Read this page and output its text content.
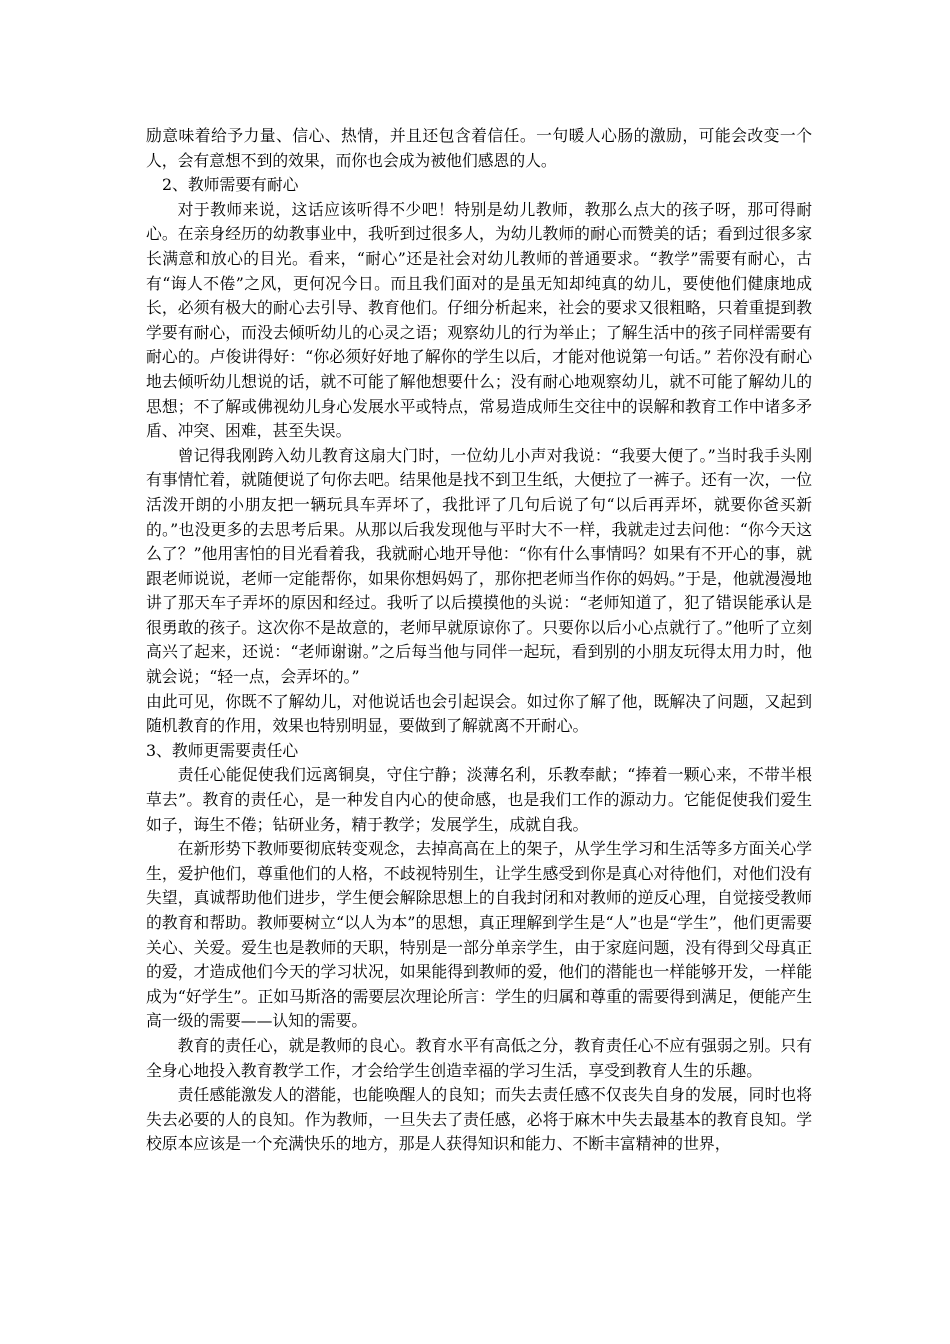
励意味着给予力量、信心、热情，并且还包含着信任。一句暖人心肠的激励，可能会改变一个人，会有意想不到的效果，而你也会成为被他们感恩的人。

2、教师需要有耐心

对于教师来说，这话应该听得不少吧！特别是幼儿教师，教那么点大的孩子呀，那可得耐心。在亲身经历的幼教事业中，我听到过很多人，为幼儿教师的耐心而赞美的话；看到过很多家长满意和放心的目光。看来，“耐心”还是社会对幼儿教师的普通要求。“教学”需要有耐心，古有“诲人不倦”之风，更何况今日。而且我们面对的是虽无知却纯真的幼儿，要使他们健康地成长，必须有极大的耐心去引导、教育他们。仔细分析起来，社会的要求又很粗略，只着重提到教学要有耐心，而没去倾听幼儿的心灵之语；观察幼儿的行为举止；了解生活中的孩子同样需要有耐心的。卢俊讲得好：“你必须好好地了解你的学生以后，才能对他说第一句话。” 若你没有耐心地去倾听幼儿想说的话，就不可能了解他想要什么；没有耐心地观察幼儿，就不可能了解幼儿的思想；不了解或佛视幼儿身心发展水平或特点，常易造成师生交往中的误解和教育工作中诸多矛盾、冲突、困难，甚至失误。

曾记得我刚跨入幼儿教育这扇大门时，一位幼儿小声对我说：“我要大便了。”当时我手头刚有事情忙着，就随便说了句你去吧。结果他是找不到卫生纸，大便拉了一裤子。还有一次，一位活泼开朗的小朋友把一辆玩具车弄坏了，我批评了几句后说了句“以后再弄坏，就要你爸买新的。”也没更多的去思考后果。从那以后我发现他与平时大不一样，我就走过去问他：“你今天这么了？”他用害怕的目光看着我，我就耐心地开导他：“你有什么事情吗？如果有不开心的事，就跟老师说说，老师一定能帮你，如果你想妈妈了，那你把老师当作你的妈妈。”于是，他就漫漫地讲了那天车子弄坏的原因和经过。我听了以后摸摸他的头说：“老师知道了，犯了错误能承认是很勇敢的孩子。这次你不是故意的，老师早就原谅你了。只要你以后小心点就行了。”他听了立刻高兴了起来，还说：“老师谢谢。”之后每当他与同伴一起玩，看到别的小朋友玩得太用力时，他就会说；“轻一点，会弄坏的。”

由此可见，你既不了解幼儿，对他说话也会引起误会。如过你了解了他，既解决了问题，又起到随机教育的作用，效果也特别明显，要做到了解就离不开耐心。

3、教师更需要责任心

责任心能促使我们远离铜臭，守住宁静；淡薄名利，乐教奉献；“捧着一颗心来，不带半根草去”。教育的责任心，是一种发自内心的使命感，也是我们工作的源动力。它能促使我们爱生如子，诲生不倦；钻研业务，精于教学；发展学生，成就自我。

在新形势下教师要彻底转变观念，去掉高高在上的架子，从学生学习和生活等多方面关心学生，爱护他们，尊重他们的人格，不歧视特别生，让学生感受到你是真心对待他们，对他们没有失望，真诚帮助他们进步，学生便会解除思想上的自我封闭和对教师的逆反心理，自觉接受教师的教育和帮助。教师要树立“以人为本”的思想，真正理解到学生是“人”也是“学生”，他们更需要关心、关爱。爱生也是教师的天职，特别是一部分单亲学生，由于家庭问题，没有得到父母真正的爱，才造成他们今天的学习状况，如果能得到教师的爱，他们的潜能也一样能够开发，一样能成为“好学生”。正如马斯洛的需要层次理论所言：学生的归属和尊重的需要得到满足，便能产生高一级的需要——认知的需要。

教育的责任心，就是教师的良心。教育水平有高低之分，教育责任心不应有强弱之别。只有全身心地投入教育教学工作，才会给学生创造幸福的学习生活，享受到教育人生的乐趣。

责任感能激发人的潜能，也能唤醒人的良知；而失去责任感不仅丧失自身的发展，同时也将失去必要的人的良知。作为教师，一旦失去了责任感，必将于麻木中失去最基本的教育良知。学校原本应该是一个充满快乐的地方，那是人获得知识和能力、不断丰富精神的世界，
